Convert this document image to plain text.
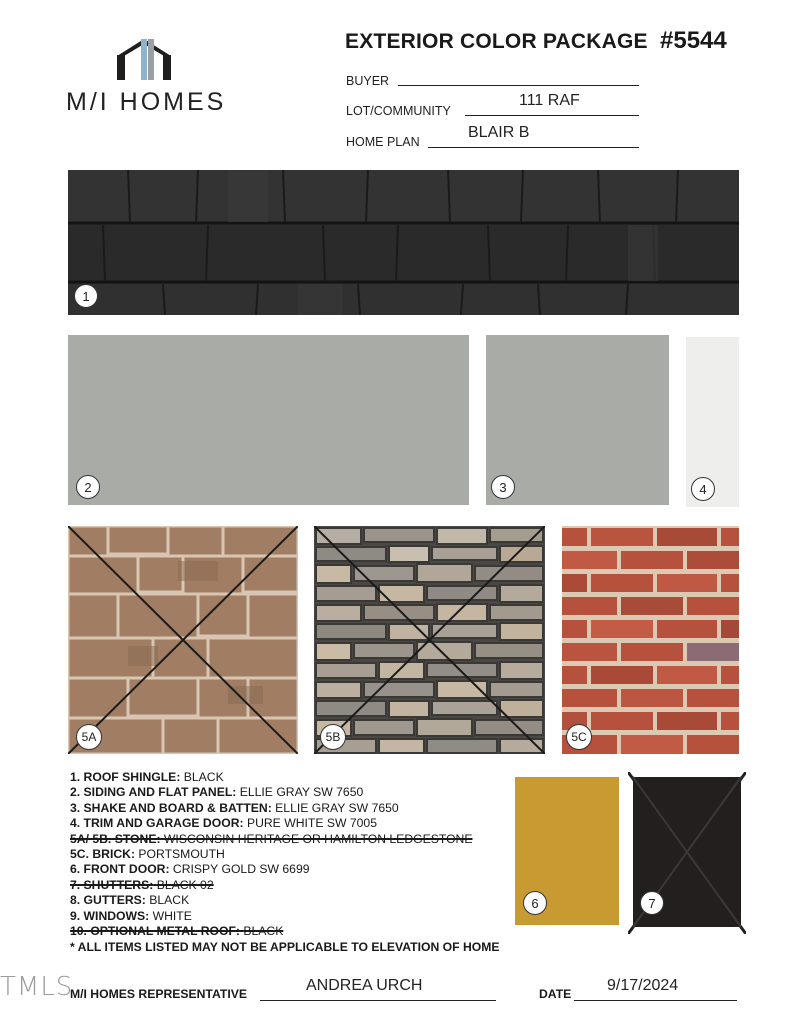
M/I HOMES
EXTERIOR COLOR PACKAGE #5544
BUYER
LOT/COMMUNITY
111 RAF
HOME PLAN
BLAIR B
1
2	3	4
5A	5B	5C
1. ROOF SHINGLE: BLACK
2. SIDING AND FLAT PANEL: ELLIE GRAY SW 7650
3. SHAKE AND BOARD & BATTEN: ELLIE GRAY SW 7650
4. TRIM AND GARAGE DOOR: PURE WHITE SW 7005
5A/ 5B. STONE: WISCONSIN HERITAGE OR HAMILTON LEDGESTONE
5C. BRICK: PORTSMOUTH
6. FRONT DOOR: CRISPY GOLD SW 6699
7. SHUTTERS: BLACK 02
8. GUTTERS: BLACK
9. WINDOWS: WHITE
10. OPTIONAL METAL ROOF: BLACK
* ALL ITEMS LISTED MAY NOT BE APPLICABLE TO ELEVATION OF HOME
6	7
TMLS
M/I HOMES REPRESENTATIVE	ANDREA URCH	DATE 9/17/2024
